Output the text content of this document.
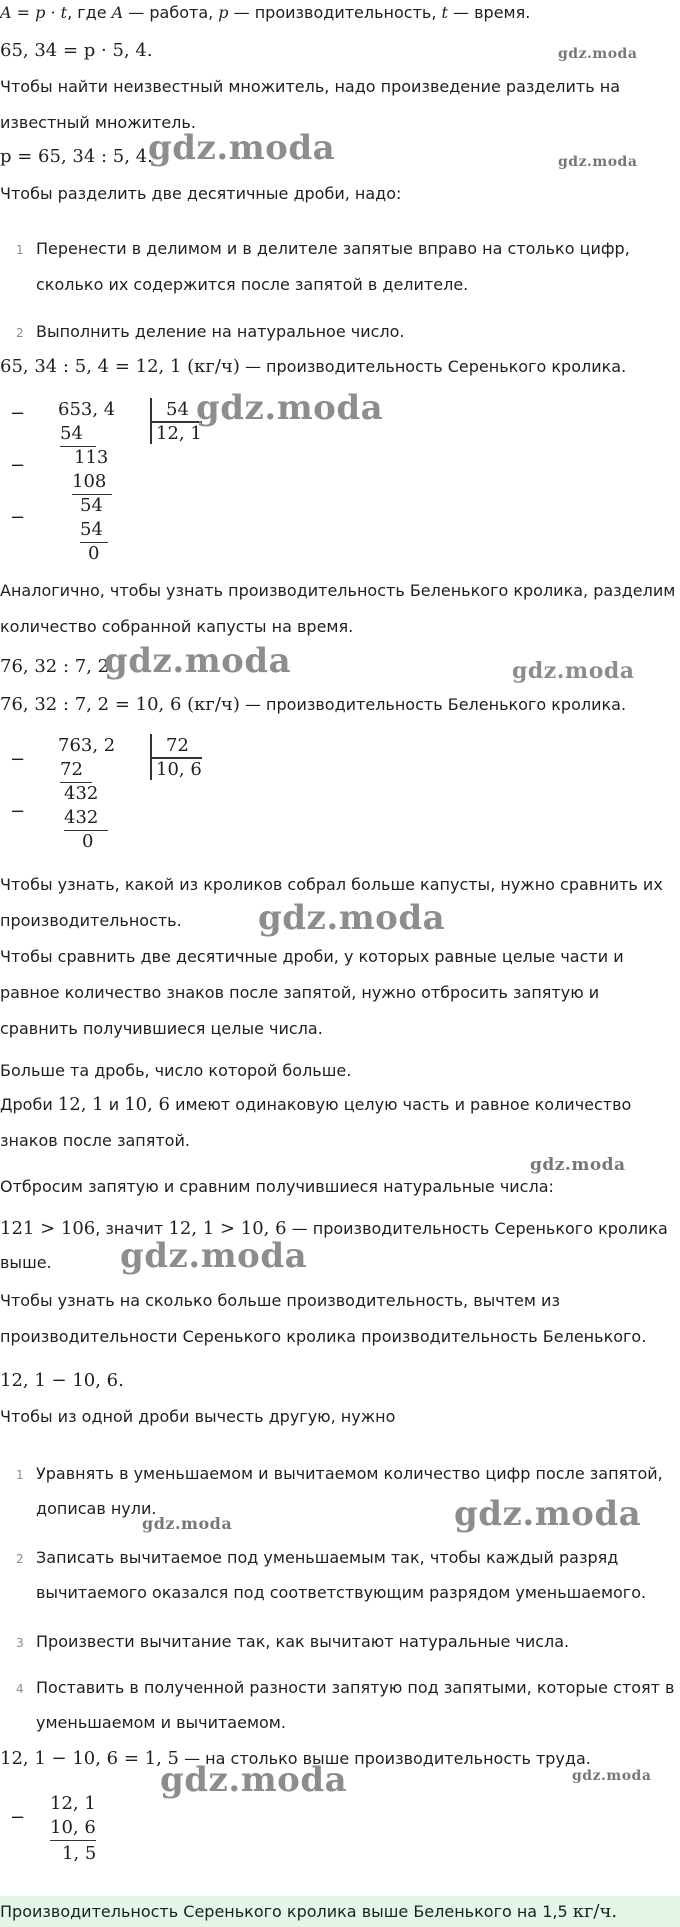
A = p · t, где A — работа, p — производительность, t — время.
65, 34 = p · 5, 4.	gdz.moda
Чтобы найти неизвестный множитель, надо произведение разделить на
известный множитель.
p = 65, 34 : 5, 4.
gdz.moda	gdz.moda
Чтобы разделить две десятичные дроби, надо:
1 Перенести в делимом и в делителе запятые вправо на столько цифр,
сколько их содержится после запятой в делителе.
2 Выполнить деление на натуральное число.
65, 34 : 5, 4 = 12, 1 (кг/ч) — производительность Серенького кролика.
−
−
−
653, 4
54
113
108
54
54
0
54
12, 1
gdz.moda
Аналогично, чтобы узнать производительность Беленького кролика, разделим
количество собранной капусты на время.
76, 32 : 7, 2.
gdz.moda	gdz.moda
76, 32 : 7, 2 = 10, 6 (кг/ч) — производительность Беленького кролика.
−
−
763, 2
72
432
432
0
72
10, 6
Чтобы узнать, какой из кроликов собрал больше капусты, нужно сравнить их
производительность. gdz.moda
Чтобы сравнить две десятичные дроби, у которых равные целые части и
равное количество знаков после запятой, нужно отбросить запятую и
сравнить получившиеся целые числа.
Больше та дробь, число которой больше.
Дроби 12, 1 и 10, 6 имеют одинаковую целую часть и равное количество
знаков после запятой.
gdz.moda
Отбросим запятую и сравним получившиеся натуральные числа:
121 > 106, значит 12, 1 > 10, 6 — производительность Серенького кролика
выше. gdz.moda
Чтобы узнать на сколько больше производительность, вычтем из
производительности Серенького кролика производительность Беленького.
12, 1 − 10, 6.
Чтобы из одной дроби вычесть другую, нужно
1 Уравнять в уменьшаемом и вычитаемом количество цифр после запятой,
дописав нули.
gdz.moda	gdz.moda
2 Записать вычитаемое под уменьшаемым так, чтобы каждый разряд
вычитаемого оказался под соответствующим разрядом уменьшаемого.
3 Произвести вычитание так, как вычитают натуральные числа.
4 Поставить в полученной разности запятую под запятыми, которые стоят в
уменьшаемом и вычитаемом.
12, 1 − 10, 6 = 1, 5 — на столько выше производительность труда.
gdz.moda
gdz.moda
−
12, 1
10, 6
1, 5
Производительность Серенького кролика выше Беленького на 1,5 кг/ч.
